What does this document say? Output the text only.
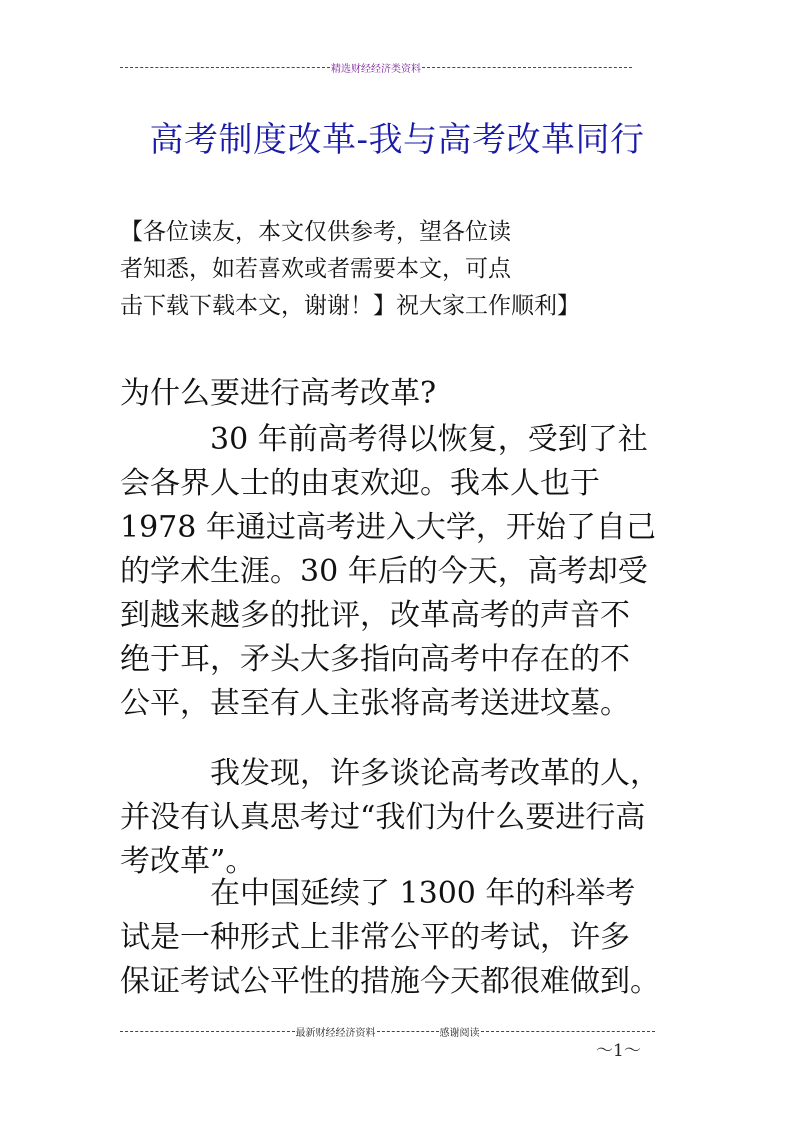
精选财经经济类资料
高考制度改革-我与高考改革同行
【各位读友，本文仅供参考，望各位读
者知悉，如若喜欢或者需要本文，可点
击下载下载本文，谢谢！】祝大家工作顺利】
为什么要进行高考改革?
　　　30 年前高考得以恢复，受到了社
会各界人士的由衷欢迎。我本人也于
1978 年通过高考进入大学，开始了自己
的学术生涯。30 年后的今天，高考却受
到越来越多的批评，改革高考的声音不
绝于耳，矛头大多指向高考中存在的不
公平，甚至有人主张将高考送进坟墓。
　　　我发现，许多谈论高考改革的人，
并没有认真思考过“我们为什么要进行高
考改革”。
　　　在中国延续了 1300 年的科举考
试是一种形式上非常公平的考试，许多
保证考试公平性的措施今天都很难做到。
最新财经经济资料	感谢阅读
～1～
